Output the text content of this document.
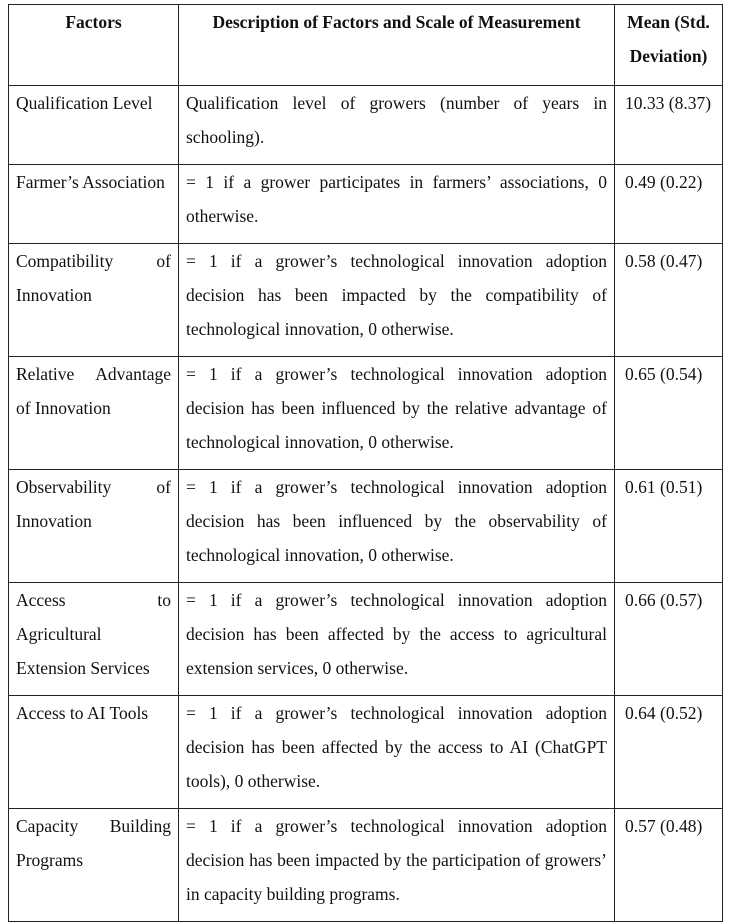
Factors	Description of Factors and Scale of Measurement	Mean (Std. Deviation)
Qualification Level	Qualification level of growers (number of years in schooling).	10.33 (8.37)
Farmer’s Association	= 1 if a grower participates in farmers’ associations, 0 otherwise.	0.49 (0.22)
Compatibility of Innovation	= 1 if a grower’s technological innovation adoption decision has been impacted by the compatibility of technological innovation, 0 otherwise.	0.58 (0.47)
Relative Advantage of Innovation	= 1 if a grower’s technological innovation adoption decision has been influenced by the relative advantage of technological innovation, 0 otherwise.	0.65 (0.54)
Observability of Innovation	= 1 if a grower’s technological innovation adoption decision has been influenced by the observability of technological innovation, 0 otherwise.	0.61 (0.51)
Access to Agricultural Extension Services	= 1 if a grower’s technological innovation adoption decision has been affected by the access to agricultural extension services, 0 otherwise.	0.66 (0.57)
Access to AI Tools	= 1 if a grower’s technological innovation adoption decision has been affected by the access to AI (ChatGPT tools), 0 otherwise.	0.64 (0.52)
Capacity Building Programs	= 1 if a grower’s technological innovation adoption decision has been impacted by the participation of growers’ in capacity building programs.	0.57 (0.48)
